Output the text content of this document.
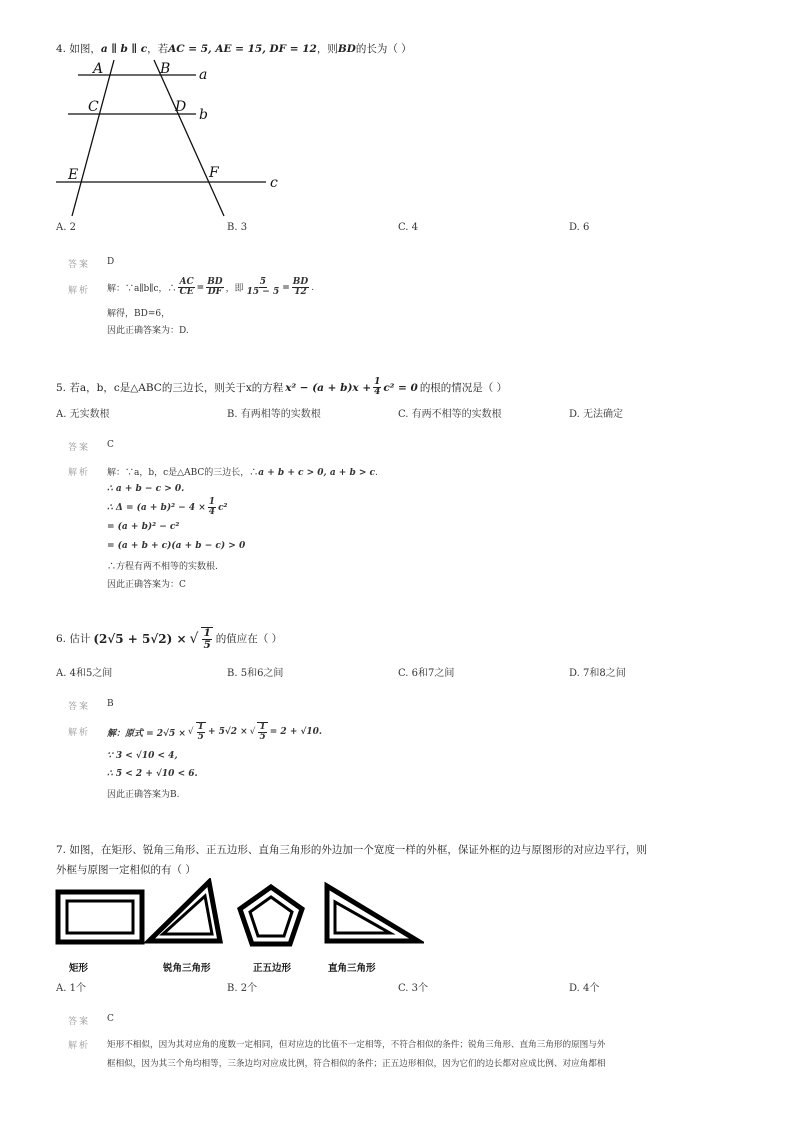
4. 如图，a ∥ b ∥ c，若AC = 5, AE = 15, DF = 12，则BD的长为（ ）
A	B
C	D
E	F
a
b
c
A. 2	B. 3	C. 4	D. 6
答案 D
解析 解：∵a∥b∥c，∴ $\frac{AC}{CE} = \frac{BD}{DF}$ ，即 $\frac{5}{15 - 5} = \frac{BD}{12}$ .
解得，BD=6，
因此正确答案为：D.
5. 若a，b，c是△ABC的三边长，则关于x的方程 $x^2 - (a + b)x + \frac{1}{4} c^2 = 0$ 的根的情况是（ ）
A. 无实数根	B. 有两相等的实数根	C. 有两不相等的实数根	D. 无法确定
答案 C
解析 解：∵a，b，c是△ABC的三边长，∴a + b + c > 0, a + b > c.
∴ a + b − c > 0.
∴ $\Delta = (a + b)^2 - 4 \times \frac{1}{4} c^2$
= (a + b)² − c²
= (a + b + c)(a + b − c) > 0
∴方程有两不相等的实数根.
因此正确答案为：C
6. 估计 (2√5 + 5√2) × √ $\frac{1}{5}$ 的值应在（ ）
A. 4和5之间	B. 5和6之间	C. 6和7之间	D. 7和8之间
答案 B
解析 解：原式 = 2√5 × √ $\frac{1}{5} + 5√2$ × √ $\frac{1}{5} = 2 + √10$.
∵ 3 < √10 < 4,
∴ 5 < 2 + √10 < 6.
因此正确答案为B.
7. 如图，在矩形、锐角三角形、正五边形、直角三角形的外边加一个宽度一样的外框，保证外框的边与原图形的对应边平行，则
外框与原图一定相似的有（ ）
矩形	锐角三角形	正五边形	直角三角形
A. 1个	B. 2个	C. 3个	D. 4个
答案 C
解析 矩形不相似，因为其对应角的度数一定相同，但对应边的比值不一定相等，不符合相似的条件；锐角三角形、直角三角形的原图与外
框相似，因为其三个角均相等，三条边均对应成比例，符合相似的条件；正五边形相似，因为它们的边长都对应成比例、对应角都相
